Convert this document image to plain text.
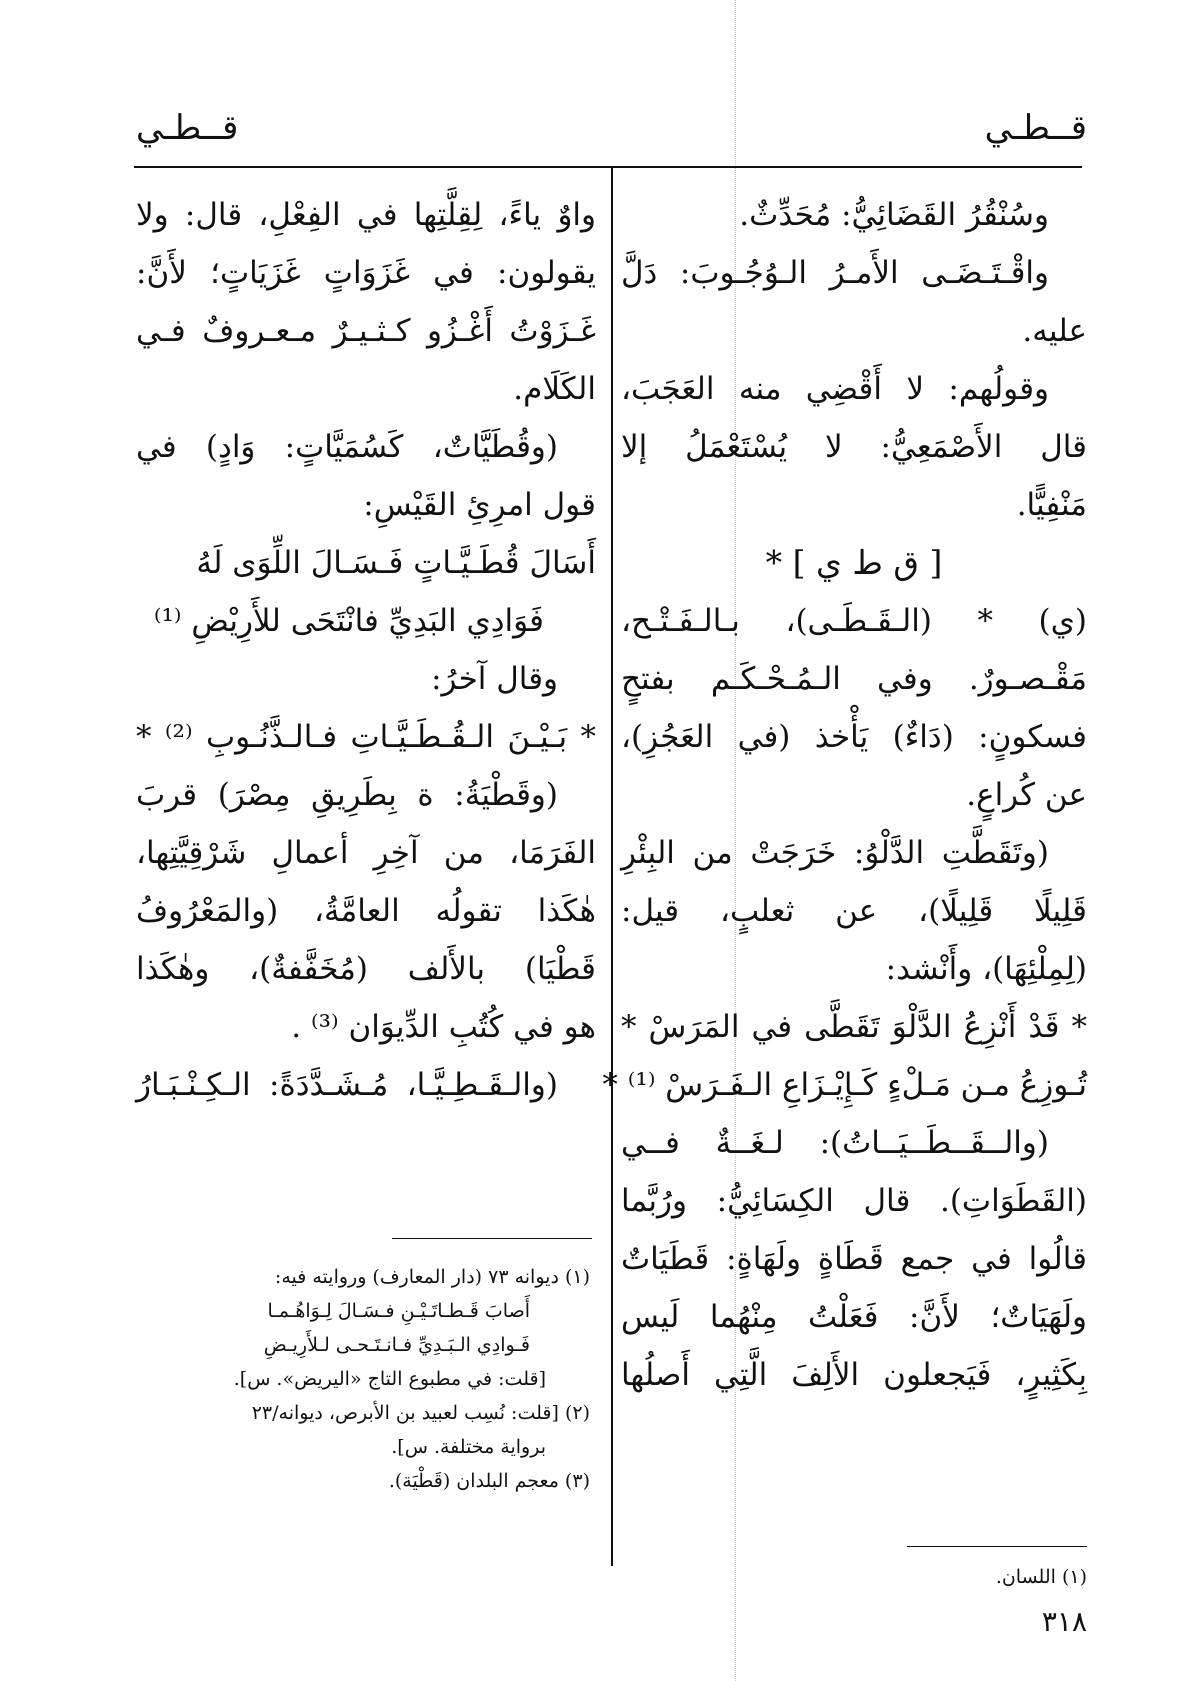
قــطـي
قــطـي
وسُنْقُرُ القَضَائِيُّ: مُحَدِّثٌ.
واقْـتَـضَـى الأَمـرُ الـوُجُـوبَ: دَلَّ
عليه.
وقولُهم: لا أَقْضِي منه العَجَبَ،
قال الأَصْمَعِيُّ: لا يُسْتَعْمَلُ إلا
مَنْفِيًّا.
[ ق ط ي ] *
(ي) * (الـقَـطَـى)، بـالـفَـتْـح،
مَقْـصـورٌ. وفي الـمُـحْـكَـم بفتحٍ
فسكونٍ: (دَاءٌ) يَأْخذ (في العَجُزِ)،
عن كُراعٍ.
(وتَقَطَّتِ الدَّلْوُ: خَرَجَتْ من البِئْرِ
قَلِيلًا قَلِيلًا)، عن ثعلبٍ، قيل:
(لِمِلْئِهَا)، وأَنْشد:
* قَدْ أَنْزِعُ الدَّلْوَ تَقَطَّى في المَرَسْ *
تُـوزِعُ مـن مَـلْءٍ كَـإِيْـزَاعِ الـفَـرَسْ ⁽¹⁾ *
(والــقَــطَــيَــاتُ): لـغَــةٌ فــي
(القَطَوَاتِ). قال الكِسَائِيُّ: ورُبَّما
قالُوا في جمع قَطَاةٍ ولَهَاةٍ: قَطَيَاتٌ
ولَهَيَاتٌ؛ لأَنَّ: فَعَلْتُ مِنْهُما لَيس
بِكَثِيرٍ، فَيَجعلون الأَلِفَ الَّتِي أَصلُها
واوٌ ياءً، لِقِلَّتِها في الفِعْلِ، قال: ولا
يقولون: في غَزَوَاتٍ غَزَيَاتٍ؛ لأَنَّ:
غَـزَوْتُ أَغْـزُو كـثـيـرٌ مـعـروفٌ فـي
الكَلَام.
(وقُطَيَّاتٌ، كَسُمَيَّاتٍ: وَادٍ) في
قول امرِئِ القَيْسِ:
أَسَالَ قُطَـيَّـاتٍ فَـسَـالَ اللِّوَى لَهُ
فَوَادِي البَدِيِّ فانْتَحَى للأَرِيْضِ ⁽¹⁾
وقال آخرُ:
* بَـيْـنَ الـقُـطَـيَّـاتِ فـالـذَّنُـوبِ ⁽²⁾ *
(وقَطْيَةُ: ة بِطَرِيقِ مِصْرَ) قربَ
الفَرَمَا، من آخِرِ أعمالِ شَرْقِيَّتِها،
هٰكَذا تقولُه العامَّةُ، (والمَعْرُوفُ
قَطْيَا) بالأَلف (مُخَفَّفةٌ)، وهٰكَذا
هو في كُتُبِ الدِّيوَان ⁽³⁾ .
(والـقَـطِـيَّـا، مُـشَـدَّدَةً: الـكِـنْـبَـارُ
(١) ديوانه ٧٣ (دار المعارف) وروايته فيه:
أَصابَ قَـطـاتَـيْـنِ فـسَـالَ لِـوَاهُـمـا
فَـوادِي الـبَـدِيِّ فـانـتَـحـى لـلأَرِيـضِ
[قلت: في مطبوع التاج «اليريض». س].
(٢) [قلت: نُسِب لعبيد بن الأبرص، ديوانه/٢٣
برواية مختلفة. س].
(٣) معجم البلدان (قَطْيَة).
(١) اللسان.
٣١٨
